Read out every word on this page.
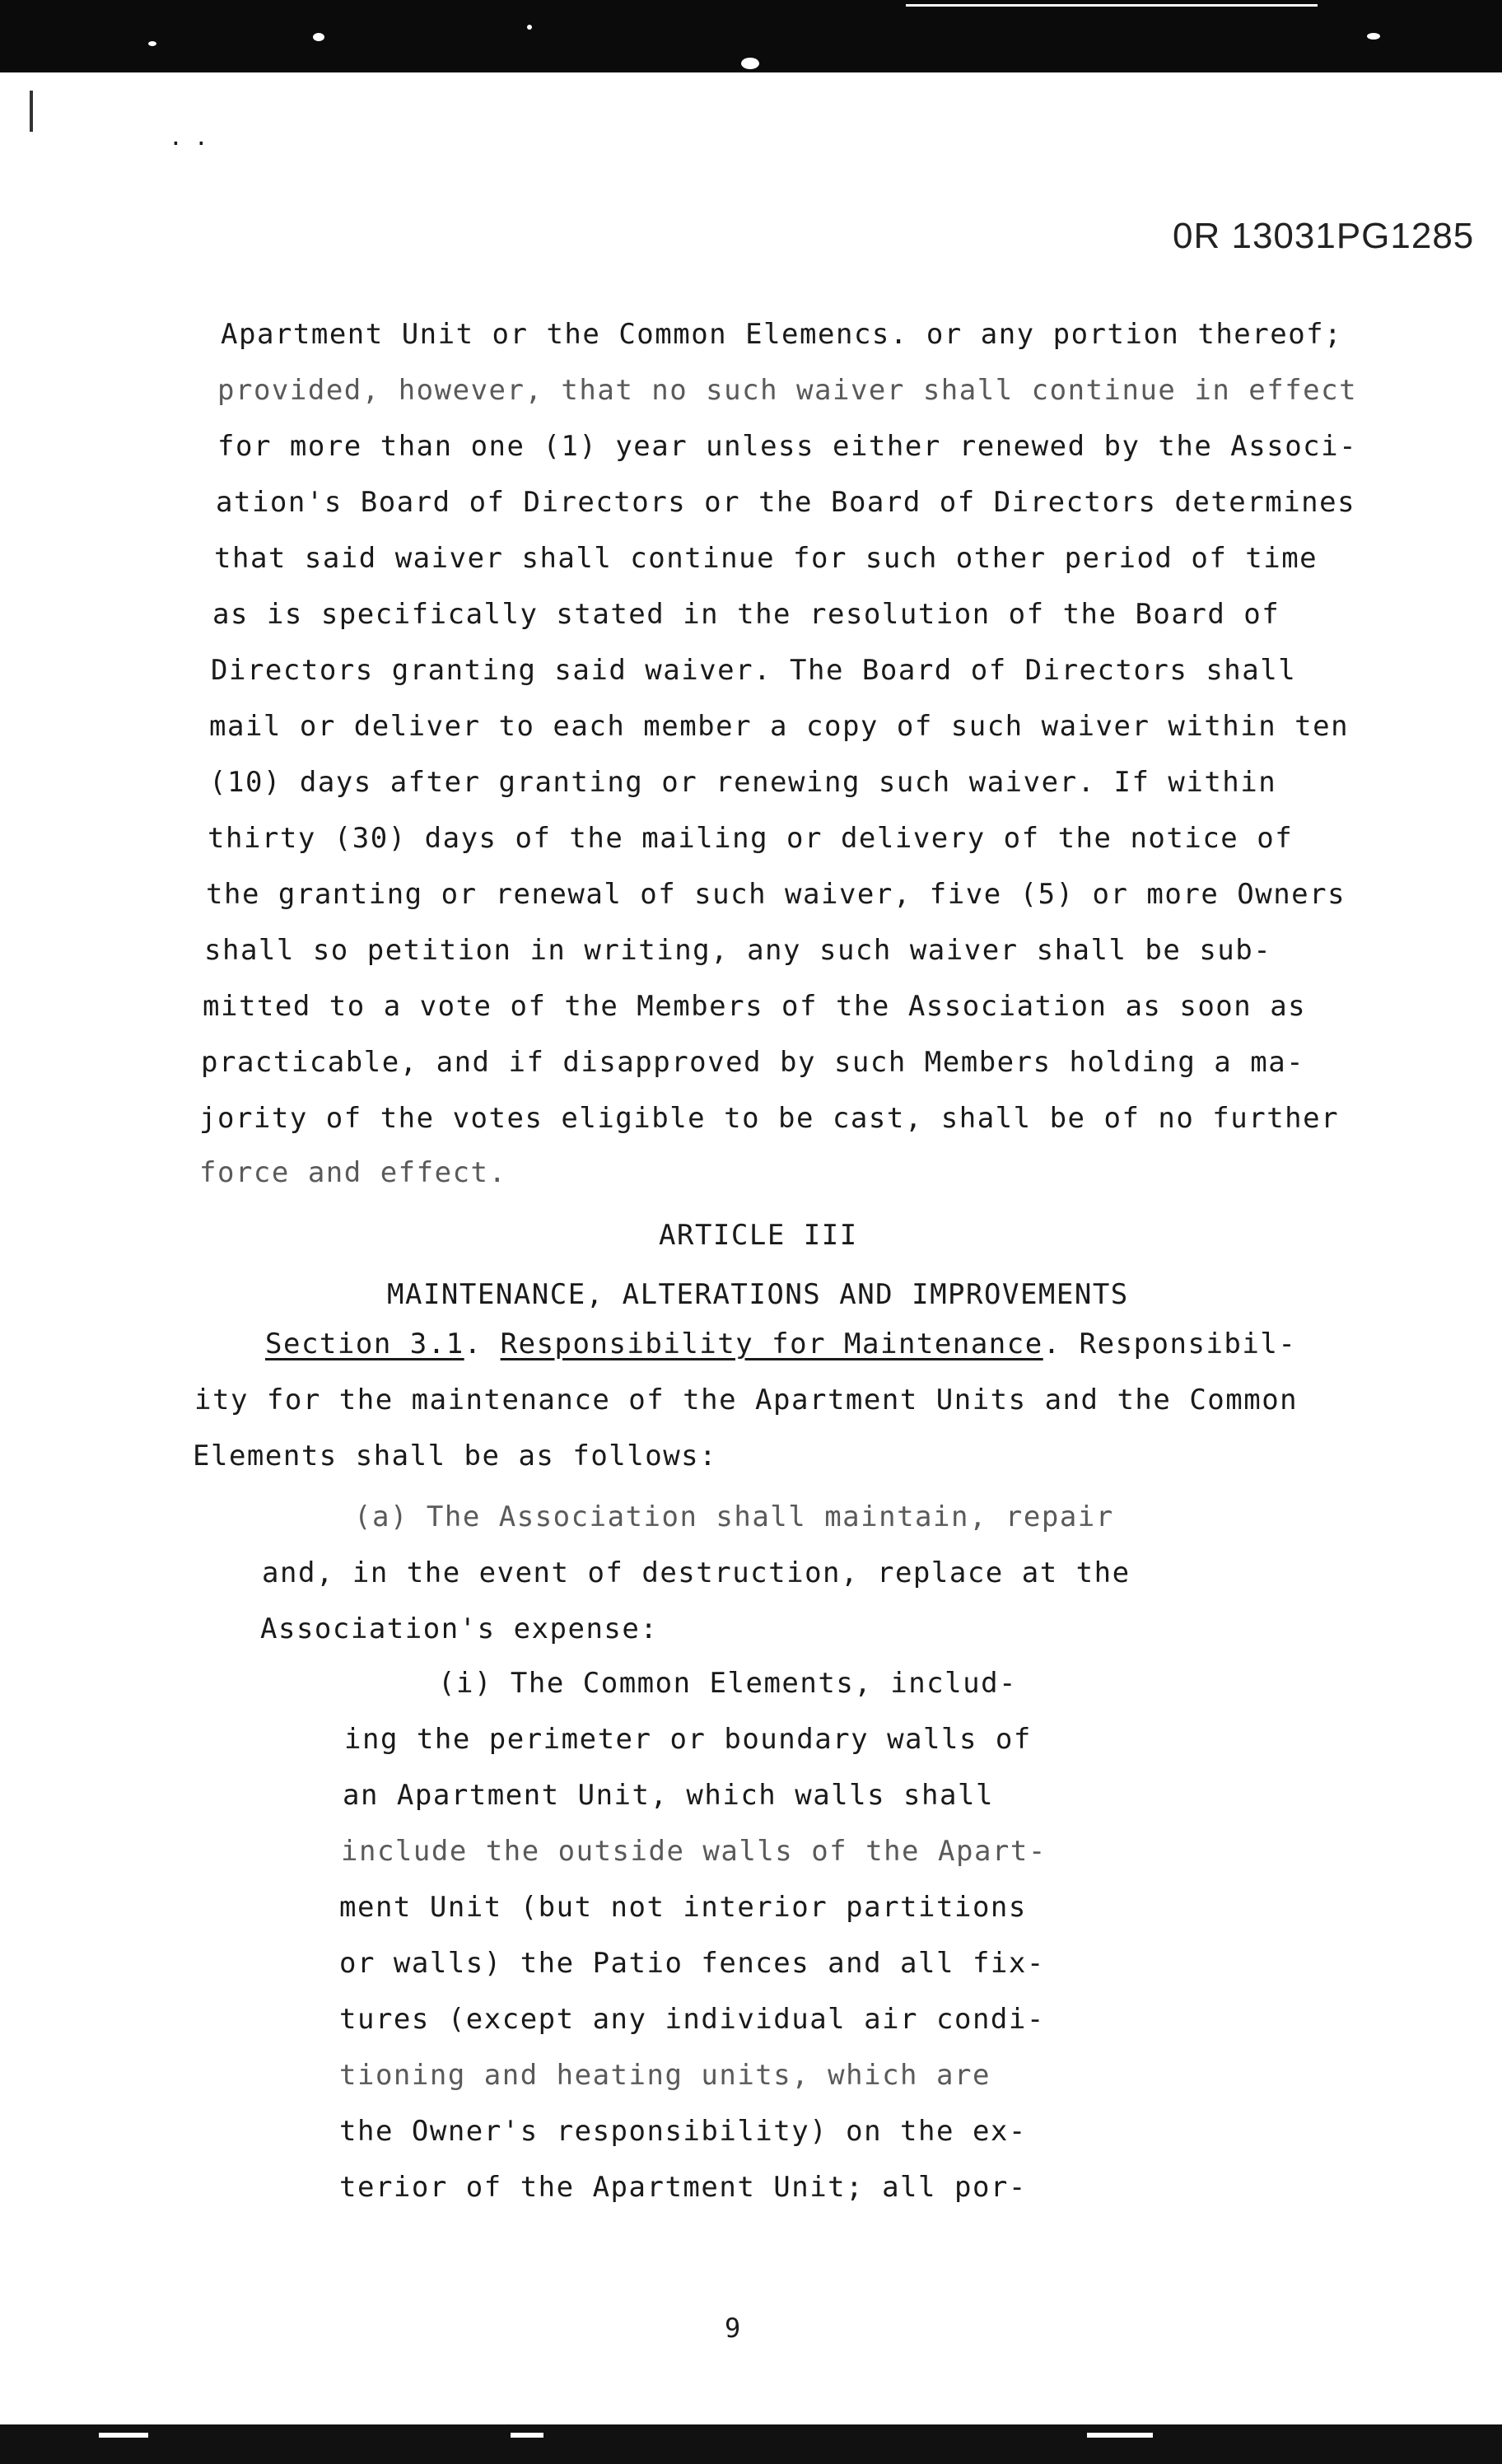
..
0R 13031PG1285
Apartment Unit or the Common Elemencs. or any portion thereof;
provided, however, that no such waiver shall continue in effect
for more than one (1) year unless either renewed by the Associ-
ation's Board of Directors or the Board of Directors determines
that said waiver shall continue for such other period of time
as is specifically stated in the resolution of the Board of
Directors granting said waiver. The Board of Directors shall
mail or deliver to each member a copy of such waiver within ten
(10) days after granting or renewing such waiver. If within
thirty (30) days of the mailing or delivery of the notice of
the granting or renewal of such waiver, five (5) or more Owners
shall so petition in writing, any such waiver shall be sub-
mitted to a vote of the Members of the Association as soon as
practicable, and if disapproved by such Members holding a ma-
jority of the votes eligible to be cast, shall be of no further
force and effect.
ARTICLE III
MAINTENANCE, ALTERATIONS AND IMPROVEMENTS
Section 3.1. Responsibility for Maintenance. Responsibil-
ity for the maintenance of the Apartment Units and the Common
Elements shall be as follows:
(a) The Association shall maintain, repair
and, in the event of destruction, replace at the
Association's expense:
(i) The Common Elements, includ-
ing the perimeter or boundary walls of
an Apartment Unit, which walls shall
include the outside walls of the Apart-
ment Unit (but not interior partitions
or walls) the Patio fences and all fix-
tures (except any individual air condi-
tioning and heating units, which are
the Owner's responsibility) on the ex-
terior of the Apartment Unit; all por-
9
